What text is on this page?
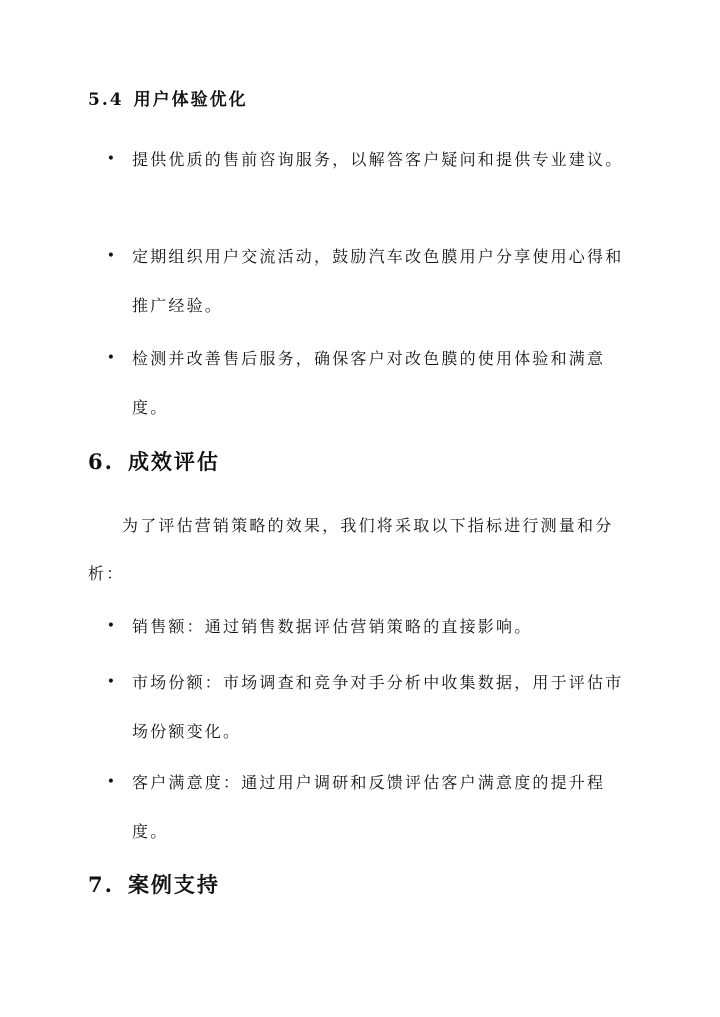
5.4 用户体验优化
• 提供优质的售前咨询服务，以解答客户疑问和提供专业建议。
• 定期组织用户交流活动，鼓励汽车改色膜用户分享使用心得和推广经验。
• 检测并改善售后服务，确保客户对改色膜的使用体验和满意度。
6. 成效评估
为了评估营销策略的效果，我们将采取以下指标进行测量和分析：
• 销售额：通过销售数据评估营销策略的直接影响。
• 市场份额：市场调查和竞争对手分析中收集数据，用于评估市场份额变化。
• 客户满意度：通过用户调研和反馈评估客户满意度的提升程度。
7. 案例支持
